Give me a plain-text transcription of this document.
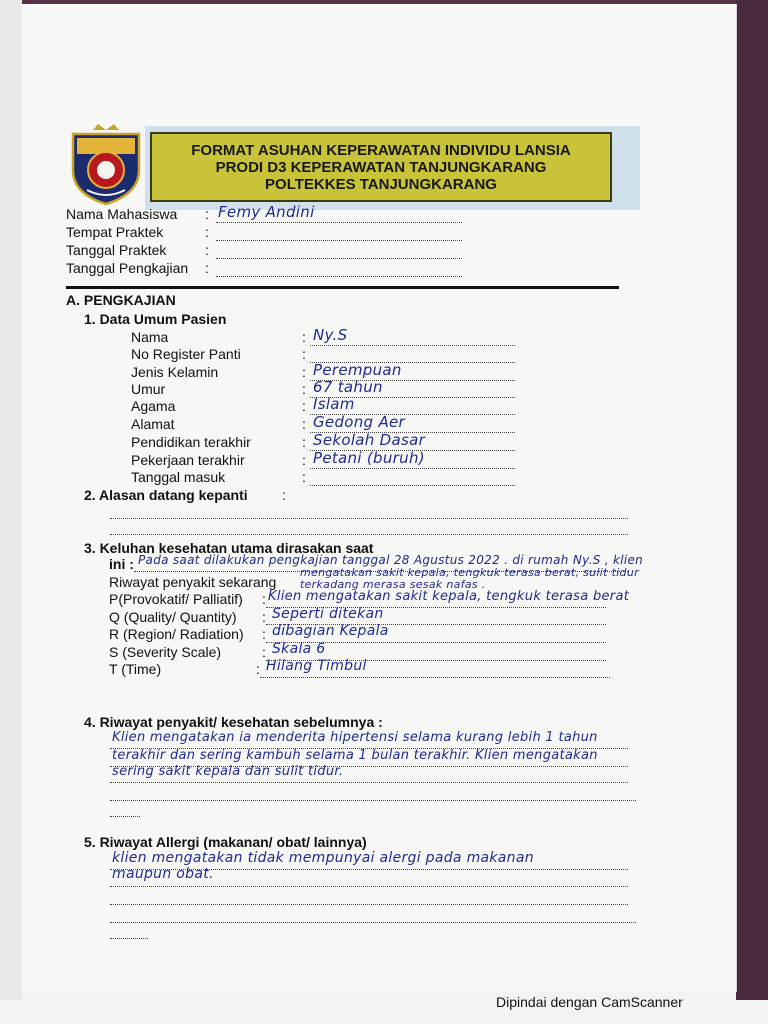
FORMAT ASUHAN KEPERAWATAN INDIVIDU LANSIA
PRODI D3 KEPERAWATAN TANJUNGKARANG
POLTEKKES TANJUNGKARANG
Nama Mahasiswa : Femy Andini
Tempat Praktek	:
Tanggal Praktek	:
Tanggal Pengkajian :
A. PENGKAJIAN
1. Data Umum Pasien
Nama	: Ny.S
No Register Panti	:
Jenis Kelamin	: Perempuan
Umur	: 67 tahun
Agama	: Islam
Alamat	: Gedong Aer
Pendidikan terakhir	: Sekolah Dasar
Pekerjaan terakhir	: Petani (buruh)
Tanggal masuk	:
2. Alasan datang kepanti :
3. Keluhan kesehatan utama dirasakan saat
ini : Pada saat dilakukan pengkajian tanggal 28 Agustus 2022 . di rumah Ny.S , klien
Riwayat penyakit sekarang
mengatakan sakit kepala, tengkuk terasa berat, sulit tidur
terkadang merasa sesak nafas .
P(Provokatif/ Palliatif) : Klien mengatakan sakit kepala, tengkuk terasa berat
Q (Quality/ Quantity) : Seperti ditekan
R (Region/ Radiation) : dibagian Kepala
S (Severity Scale)	: Skala 6
T (Time)	: Hilang Timbul
4. Riwayat penyakit/ kesehatan sebelumnya :
Klien mengatakan ia menderita hipertensi selama kurang lebih 1 tahun
terakhir dan sering kambuh selama 1 bulan terakhir. Klien mengatakan
sering sakit kepala dan sulit tidur.
5. Riwayat Allergi (makanan/ obat/ lainnya)
klien mengatakan tidak mempunyai alergi pada makanan
maupun obat.
Dipindai dengan CamScanner
